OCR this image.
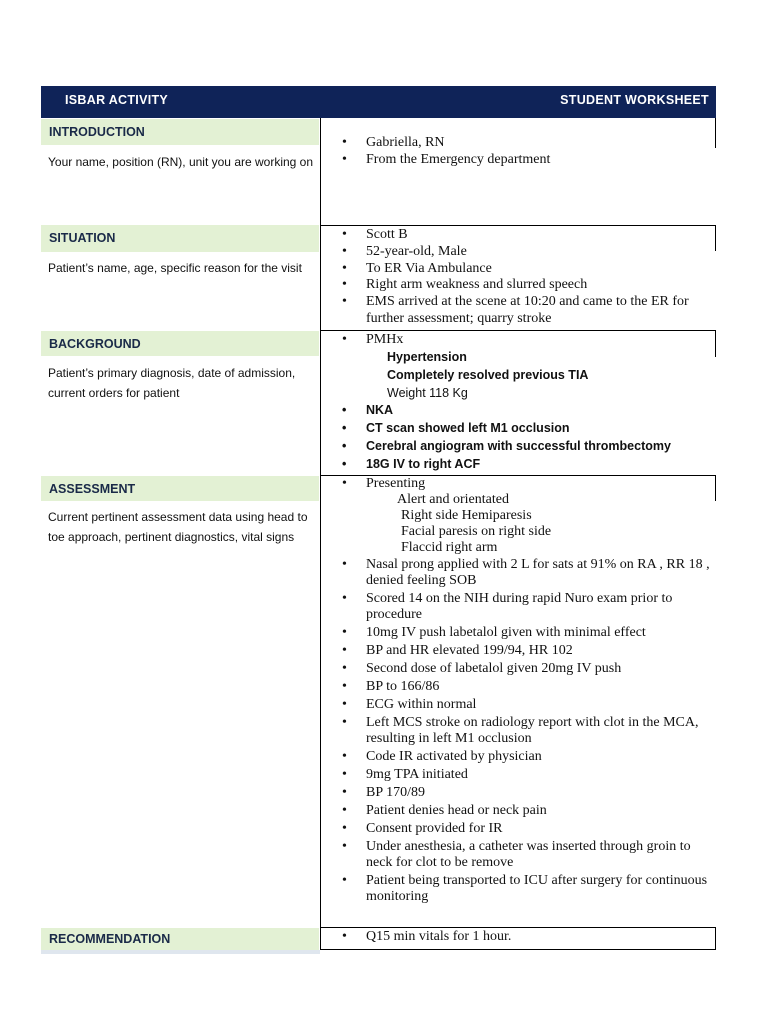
ISBAR ACTIVITY	STUDENT WORKSHEET
INTRODUCTION
Your name, position (RN), unit you are working on
• Gabriella, RN
• From the Emergency department
SITUATION
Patient’s name, age, specific reason for the visit
• Scott B
• 52-year-old, Male
• To ER Via Ambulance
• Right arm weakness and slurred speech
• EMS arrived at the scene at 10:20 and came to the ER for further assessment; quarry stroke
BACKGROUND
Patient’s primary diagnosis, date of admission, current orders for patient
• PMHx
Hypertension
Completely resolved previous TIA
Weight 118 Kg
• NKA
• CT scan showed left M1 occlusion
• Cerebral angiogram with successful thrombectomy
• 18G IV to right ACF
ASSESSMENT
Current pertinent assessment data using head to toe approach, pertinent diagnostics, vital signs
• Presenting
Alert and orientated
Right side Hemiparesis
Facial paresis on right side
Flaccid right arm
• Nasal prong applied with 2 L for sats at 91% on RA , RR 18 , denied feeling SOB
• Scored 14 on the NIH during rapid Nuro exam prior to procedure
• 10mg IV push labetalol given with minimal effect
• BP and HR elevated 199/94, HR 102
• Second dose of labetalol given 20mg IV push
• BP to 166/86
• ECG within normal
• Left MCS stroke on radiology report with clot in the MCA, resulting in left M1 occlusion
• Code IR activated by physician
• 9mg TPA initiated
• BP 170/89
• Patient denies head or neck pain
• Consent provided for IR
• Under anesthesia, a catheter was inserted through groin to neck for clot to be remove
• Patient being transported to ICU after surgery for continuous monitoring
RECOMMENDATION
•	Q15 min vitals for 1 hour.
